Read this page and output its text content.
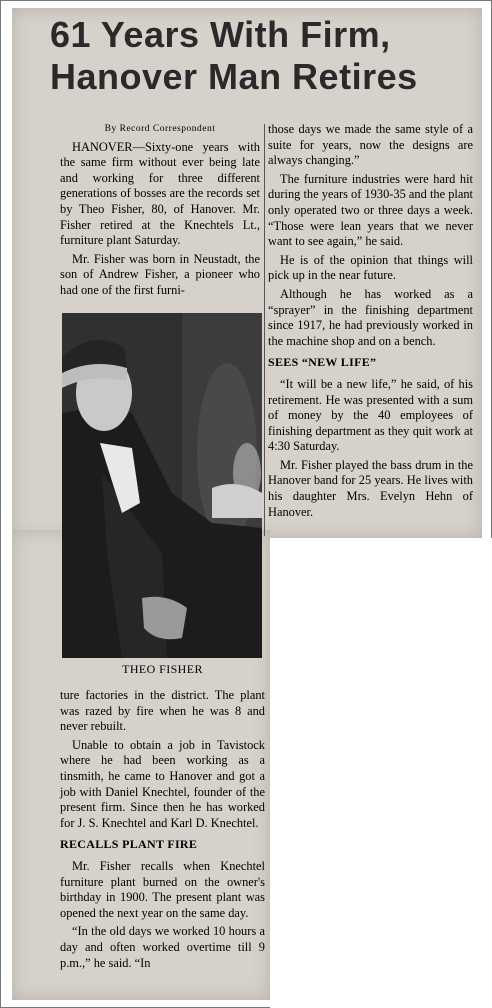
61 Years With Firm,
Hanover Man Retires

By Record Correspondent

HANOVER—Sixty-one years with the same firm without ever being late and working for three different generations of bosses are the records set by Theo Fisher, 80, of Hanover. Mr. Fisher retired at the Knechtels Lt., furniture plant Saturday.

Mr. Fisher was born in Neustadt, the son of Andrew Fisher, a pioneer who had one of the first furni-

THEO FISHER

ture factories in the district. The plant was razed by fire when he was 8 and never rebuilt.

Unable to obtain a job in Tavistock where he had been working as a tinsmith, he came to Hanover and got a job with Daniel Knechtel, founder of the present firm. Since then he has worked for J. S. Knechtel and Karl D. Knechtel.

RECALLS PLANT FIRE

Mr. Fisher recalls when Knechtel furniture plant burned on the owner's birthday in 1900. The present plant was opened the next year on the same day.

“In the old days we worked 10 hours a day and often worked overtime till 9 p.m.,” he said. “In

those days we made the same style of a suite for years, now the designs are always changing.”

The furniture industries were hard hit during the years of 1930-35 and the plant only operated two or three days a week. “Those were lean years that we never want to see again,” he said.

He is of the opinion that things will pick up in the near future.

Although he has worked as a “sprayer” in the finishing department since 1917, he had previously worked in the machine shop and on a bench.

SEES “NEW LIFE”

“It will be a new life,” he said, of his retirement. He was presented with a sum of money by the 40 employees of finishing department as they quit work at 4:30 Saturday.

Mr. Fisher played the bass drum in the Hanover band for 25 years. He lives with his daughter Mrs. Evelyn Hehn of Hanover.
